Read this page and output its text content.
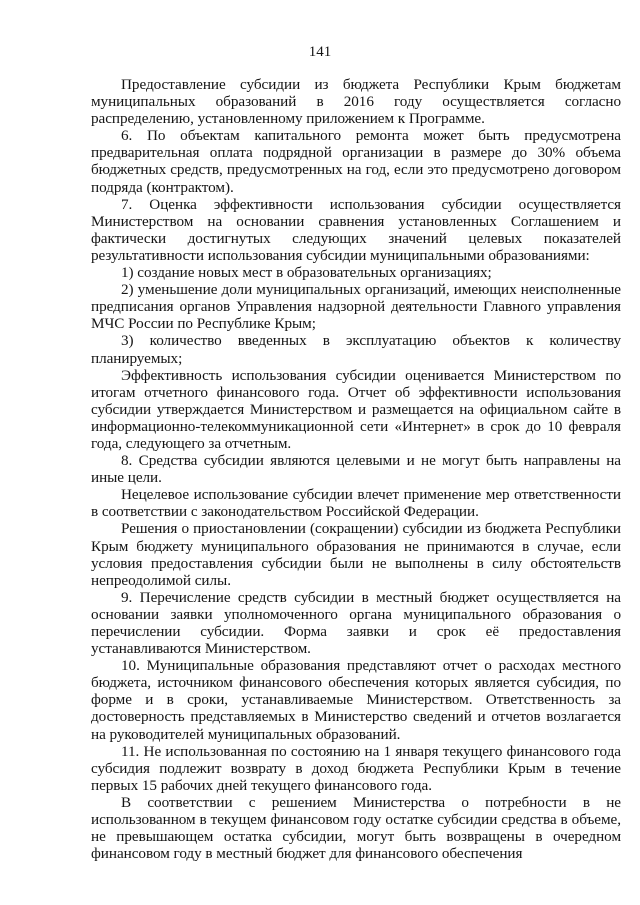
141

Предоставление субсидии из бюджета Республики Крым бюджетам муниципальных образований в 2016 году осуществляется согласно распределению, установленному приложением к Программе.

6. По объектам капитального ремонта может быть предусмотрена предварительная оплата подрядной организации в размере до 30% объема бюджетных средств, предусмотренных на год, если это предусмотрено договором подряда (контрактом).

7. Оценка эффективности использования субсидии осуществляется Министерством на основании сравнения установленных Соглашением и фактически достигнутых следующих значений целевых показателей результативности использования субсидии муниципальными образованиями:

1) создание новых мест в образовательных организациях;

2) уменьшение доли муниципальных организаций, имеющих неисполненные предписания органов Управления надзорной деятельности Главного управления МЧС России по Республике Крым;

3) количество введенных в эксплуатацию объектов к количеству планируемых;

Эффективность использования субсидии оценивается Министерством по итогам отчетного финансового года. Отчет об эффективности использования субсидии утверждается Министерством и размещается на официальном сайте в информационно-телекоммуникационной сети «Интернет» в срок до 10 февраля года, следующего за отчетным.

8. Средства субсидии являются целевыми и не могут быть направлены на иные цели.

Нецелевое использование субсидии влечет применение мер ответственности в соответствии с законодательством Российской Федерации.

Решения о приостановлении (сокращении) субсидии из бюджета Республики Крым бюджету муниципального образования не принимаются в случае, если условия предоставления субсидии были не выполнены в силу обстоятельств непреодолимой силы.

9. Перечисление средств субсидии в местный бюджет осуществляется на основании заявки уполномоченного органа муниципального образования о перечислении субсидии. Форма заявки и срок её предоставления устанавливаются Министерством.

10. Муниципальные образования представляют отчет о расходах местного бюджета, источником финансового обеспечения которых является субсидия, по форме и в сроки, устанавливаемые Министерством. Ответственность за достоверность представляемых в Министерство сведений и отчетов возлагается на руководителей муниципальных образований.

11. Не использованная по состоянию на 1 января текущего финансового года субсидия подлежит возврату в доход бюджета Республики Крым в течение первых 15 рабочих дней текущего финансового года.

В соответствии с решением Министерства о потребности в не использованном в текущем финансовом году остатке субсидии средства в объеме, не превышающем остатка субсидии, могут быть возвращены в очередном финансовом году в местный бюджет для финансового обеспечения
